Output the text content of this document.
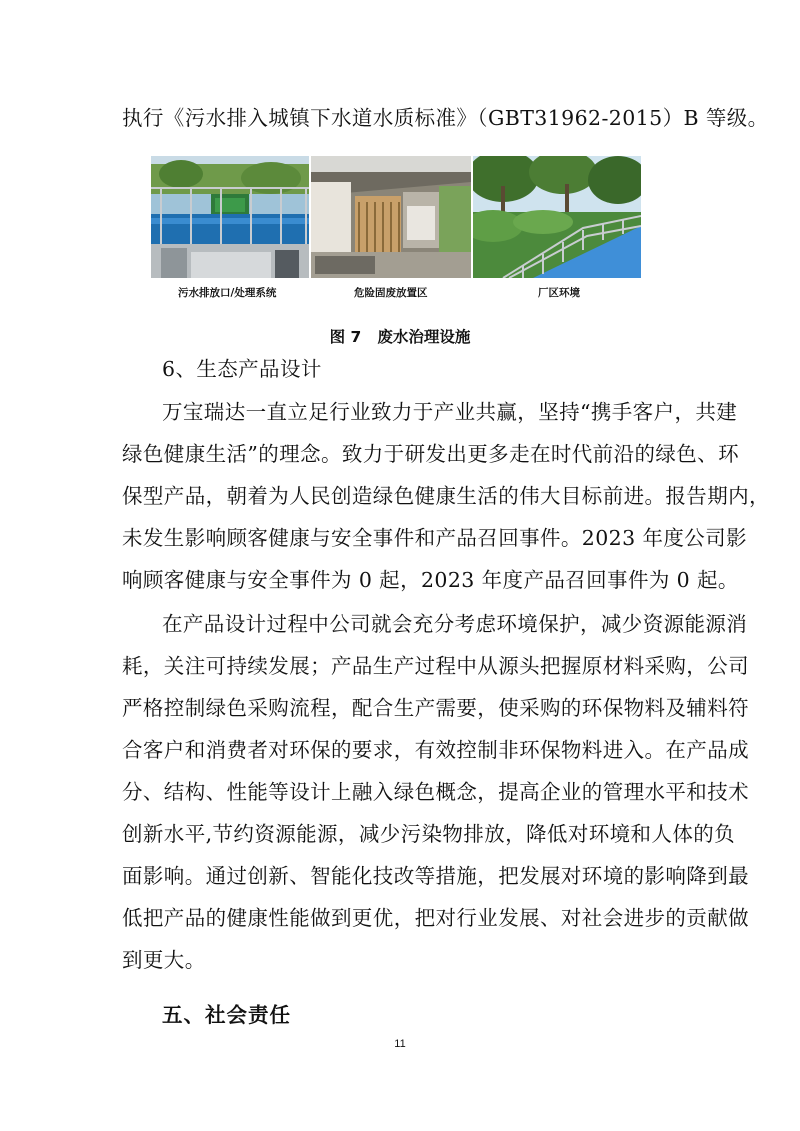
执行《污水排入城镇下水道水质标准》（GBT31962-2015）B 等级。
污水排放口/处理系统	危险固废放置区	厂区环境
图 7 废水治理设施
6、生态产品设计
万宝瑞达一直立足行业致力于产业共赢，坚持“携手客户，共建
绿色健康生活”的理念。致力于研发出更多走在时代前沿的绿色、环
保型产品，朝着为人民创造绿色健康生活的伟大目标前进。报告期内，
未发生影响顾客健康与安全事件和产品召回事件。2023 年度公司影
响顾客健康与安全事件为 0 起，2023 年度产品召回事件为 0 起。
在产品设计过程中公司就会充分考虑环境保护，减少资源能源消
耗，关注可持续发展；产品生产过程中从源头把握原材料采购，公司
严格控制绿色采购流程，配合生产需要，使采购的环保物料及辅料符
合客户和消费者对环保的要求，有效控制非环保物料进入。在产品成
分、结构、性能等设计上融入绿色概念，提高企业的管理水平和技术
创新水平,节约资源能源，减少污染物排放，降低对环境和人体的负
面影响。通过创新、智能化技改等措施，把发展对环境的影响降到最
低把产品的健康性能做到更优，把对行业发展、对社会进步的贡献做
到更大。
五、社会责任
11
